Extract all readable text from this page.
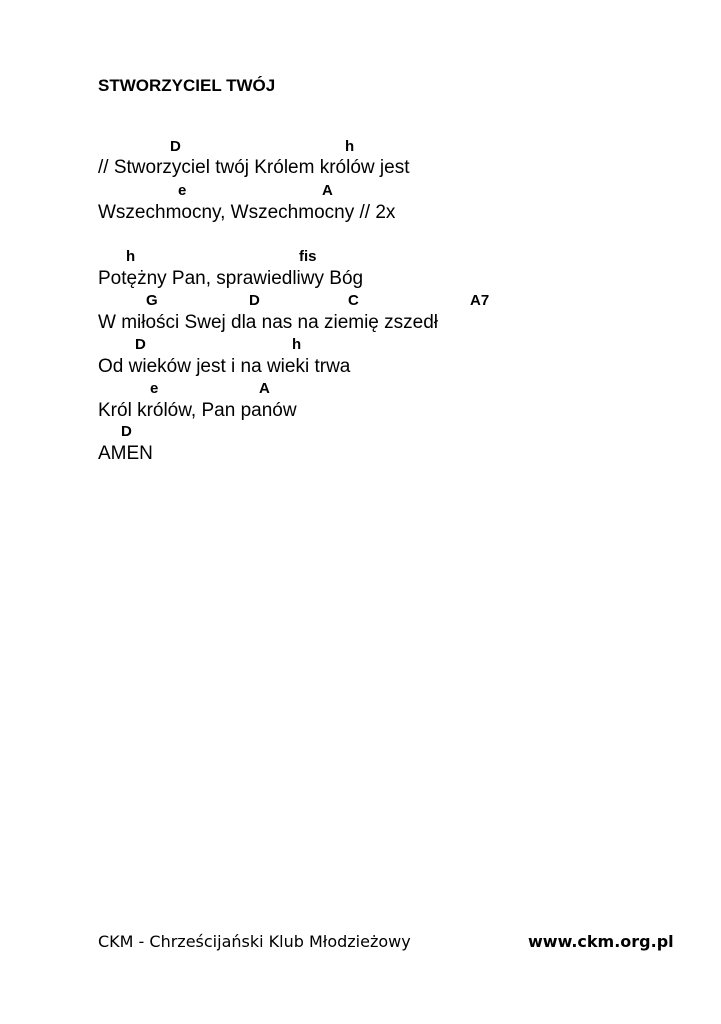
STWORZYCIEL TWÓJ
D	h
// Stworzyciel twój Królem królów jest
e	A
Wszechmocny, Wszechmocny // 2x
h	fis
Potężny Pan, sprawiedliwy Bóg
G	D	C	A7
W miłości Swej dla nas na ziemię zszedł
D	h
Od wieków jest i na wieki trwa
e	A
Król królów, Pan panów
D
AMEN
CKM - Chrześcijański Klub Młodzieżowy	www.ckm.org.pl
